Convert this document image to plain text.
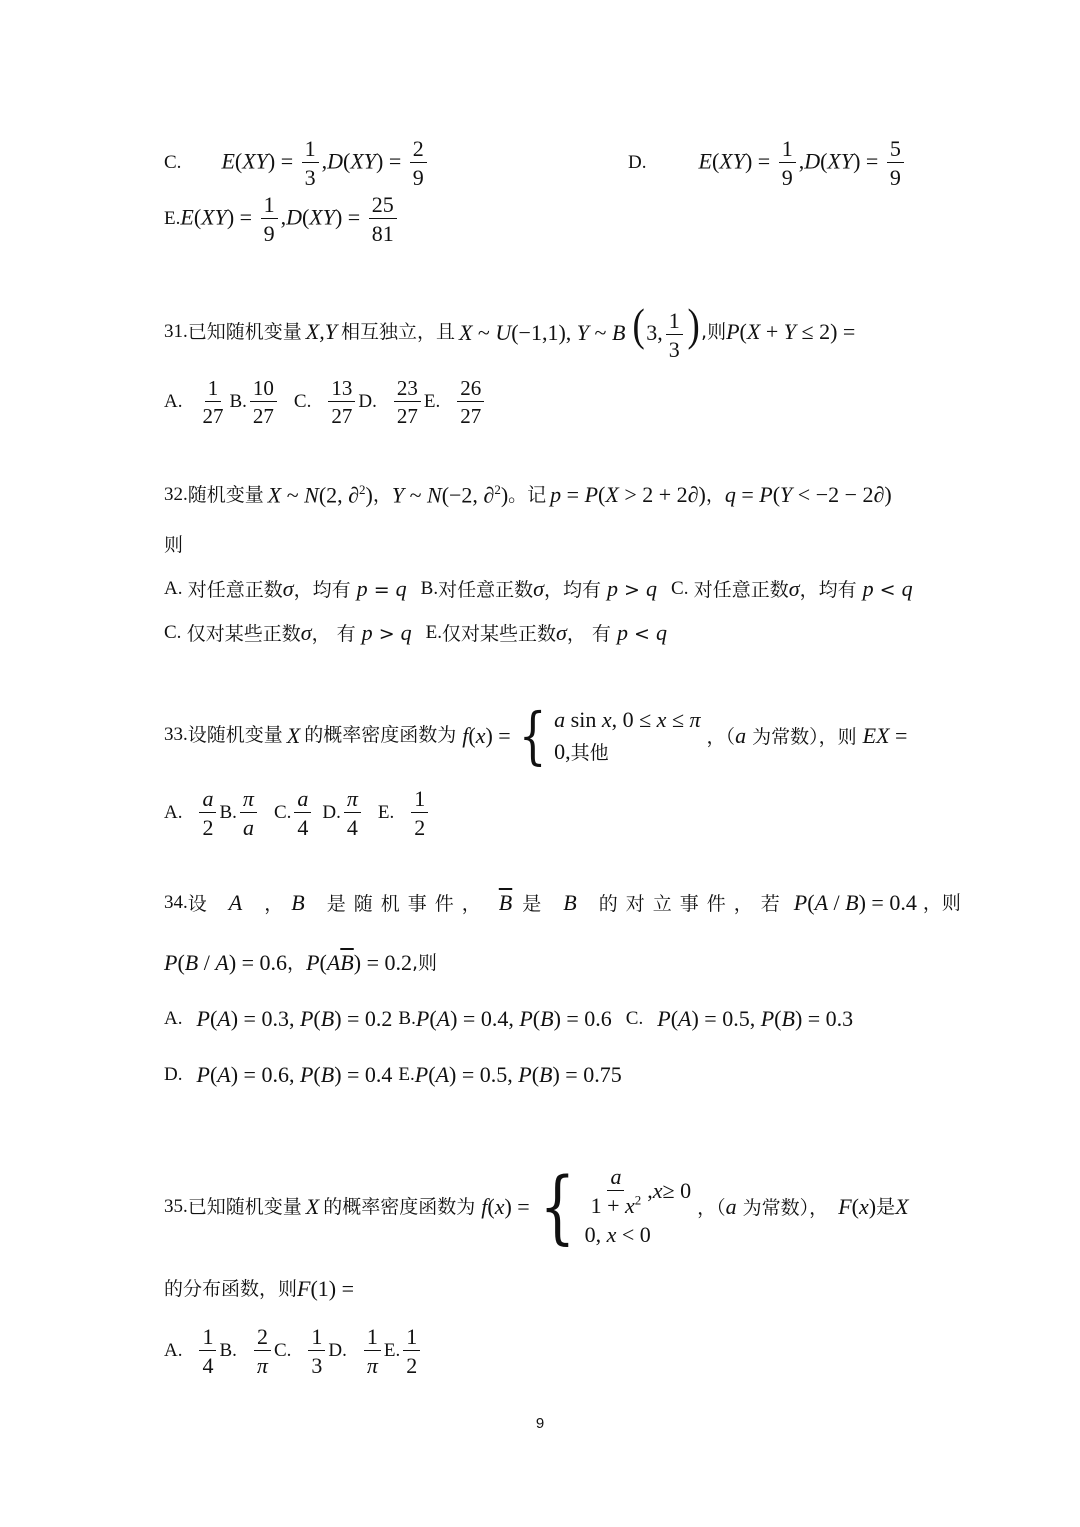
C. $E(XY) = \frac{1}{3} ,D(XY) = \frac{2}{9}$	D. $E(XY) = \frac{1}{9} ,D(XY) = \frac{5}{9}$
E. $E(XY) = \frac{1}{9} ,D(XY) = \frac{25}{81}$
31. 已知随机变量 X,Y 相互独立，且 X ~ U(−1,1), Y ~ B (3, $\frac{1}{3}$ ) ,则 P(X + Y ≤ 2) =
A. $\frac{1}{27} B$. $\frac{10}{27} C$. $\frac{13}{27} D$. $\frac{23}{27} E$. $\frac{26}{27}$
32. 随机变量 X ~ N(2, ∂$^2$) ， Y ~ N(−2, ∂$^2$) 。记 p = P(X > 2 + 2∂) ， q = P(Y < −2 − 2∂)
则
A.
对任意正数σ，均有 p = q B. 对任意正数σ，均有 p > q C.
对任意正数σ，均有 p < q
C.
仅对某些正数σ， 有 p > q E. 仅对某些正数σ， 有 p < q
33. 设随机变量 X 的概率密度函数为 f(x) = { a sin x, 0 ≤ x ≤ π
0,其他
，（a 为常数），则 EX =
A. $\frac{a}{2} B$. $\frac{\pi}{a} C$. $\frac{a}{4} D$. $\frac{\pi}{4} E$. $\frac{1}{2}$
34. 设 A ，B 是随机事件， $\overline{B}$ 是 B 的对立事件，若 P(A / B) = 0.4 ，则
P(B / A) = 0.6 ， $P(A\overline{B}) = 0.2$ ,则
A. P(A) = 0.3, P(B) = 0.2 B. P(A) = 0.4, P(B) = 0.6 C. P(A) = 0.5, P(B) = 0.3
D. P(A) = 0.6, P(B) = 0.4 E. P(A) = 0.5, P(B) = 0.75
35. 已知随机变量 X 的概率密度函数为 f(x) = { $\frac{a}{1 + x^2}$ , x ≥ 0
0, x < 0
，（a 为常数）， F(x) 是 X
的分布函数，则 F(1) =
A. $\frac{1}{4} B$. $\frac{2}{\pi} C$. $\frac{1}{3} D$. $\frac{1}{\pi} E$. $\frac{1}{2}$
9
